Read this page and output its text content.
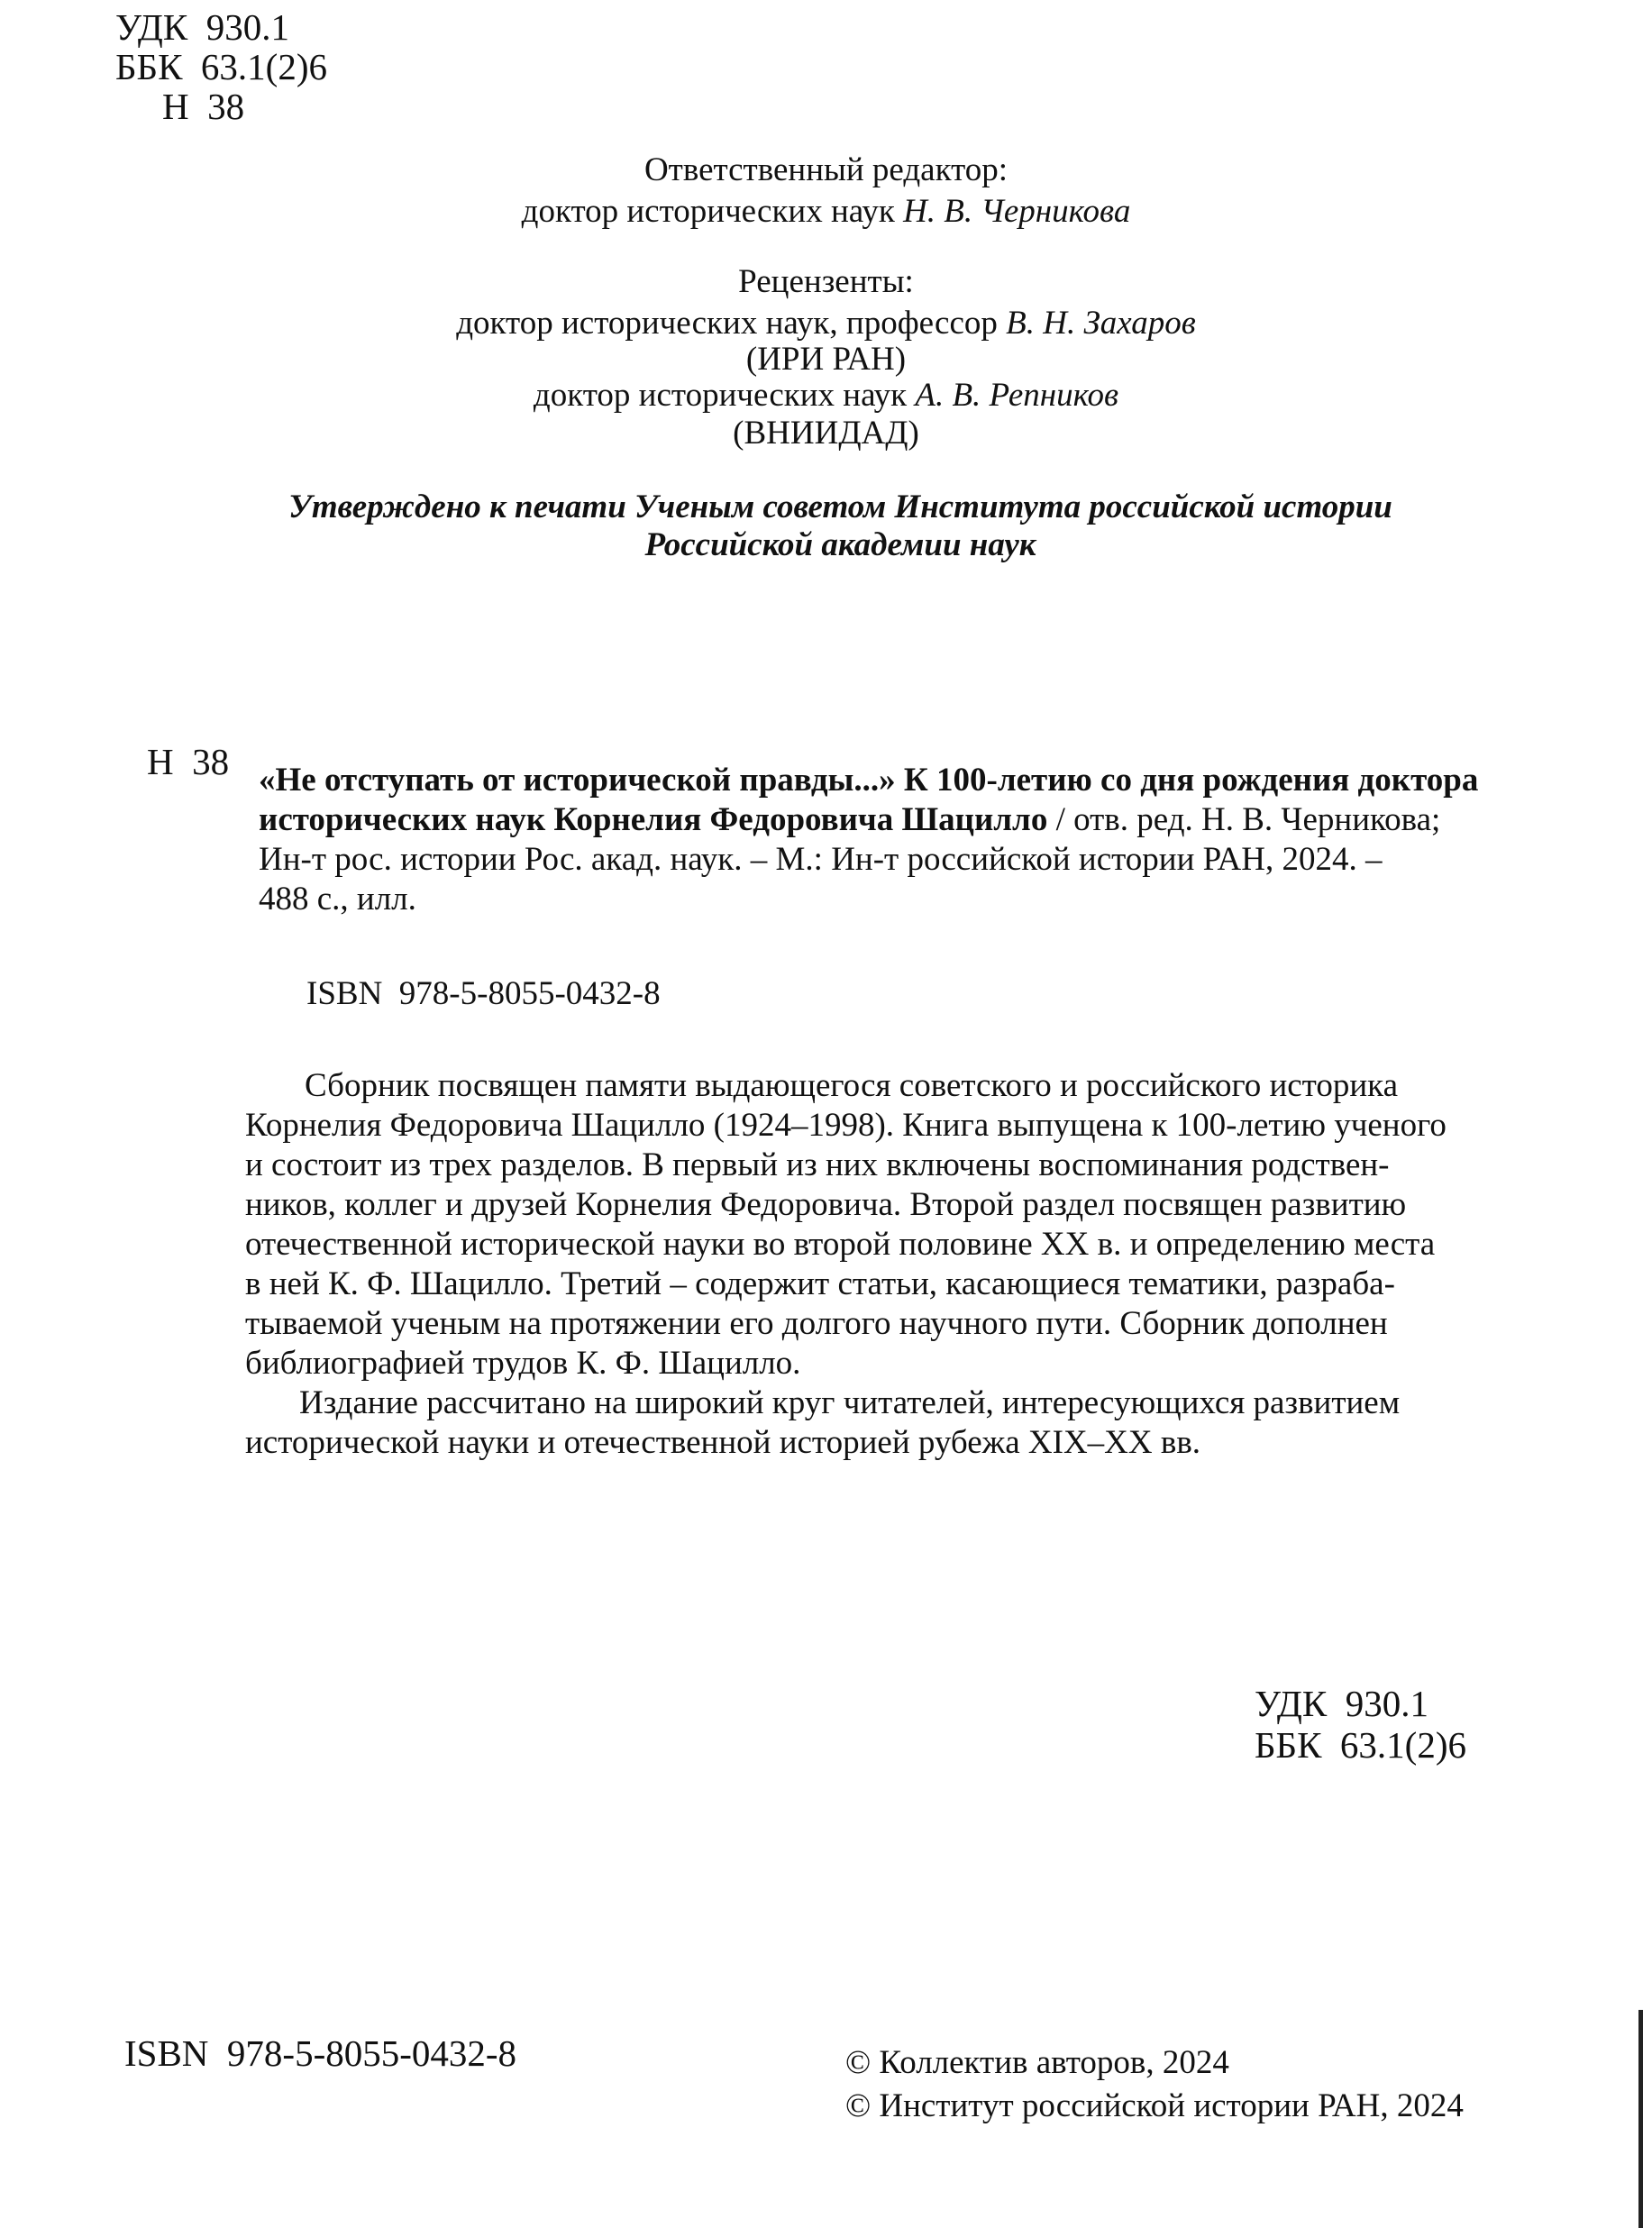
УДК  930.1
ББК  63.1(2)6
Н  38
Ответственный редактор:
доктор исторических наук Н. В. Черникова
Рецензенты:
доктор исторических наук, профессор В. Н. Захаров
(ИРИ РАН)
доктор исторических наук А. В. Репников
(ВНИИДАД)
Утверждено к печати Ученым советом Института российской истории
Российской академии наук
Н  38 «Не отступать от исторической правды...» К 100-летию со дня рождения доктора
исторических наук Корнелия Федоровича Шацилло / отв. ред. Н. В. Черникова;
Ин-т рос. истории Рос. акад. наук. – М.: Ин-т российской истории РАН, 2024. –
488 с., илл.
ISBN  978-5-8055-0432-8
Сборник посвящен памяти выдающегося советского и российского историка
Корнелия Федоровича Шацилло (1924–1998). Книга выпущена к 100-летию ученого
и состоит из трех разделов. В первый из них включены воспоминания родствен-
ников, коллег и друзей Корнелия Федоровича. Второй раздел посвящен развитию
отечественной исторической науки во второй половине XX в. и определению места
в ней К. Ф. Шацилло. Третий – содержит статьи, касающиеся тематики, разраба-
тываемой ученым на протяжении его долгого научного пути. Сборник дополнен
библиографией трудов К. Ф. Шацилло.
Издание рассчитано на широкий круг читателей, интересующихся развитием
исторической науки и отечественной историей рубежа XIX–XX вв.
УДК  930.1
ББК  63.1(2)6
ISBN  978-5-8055-0432-8	© Коллектив авторов, 2024
© Институт российской истории РАН, 2024
